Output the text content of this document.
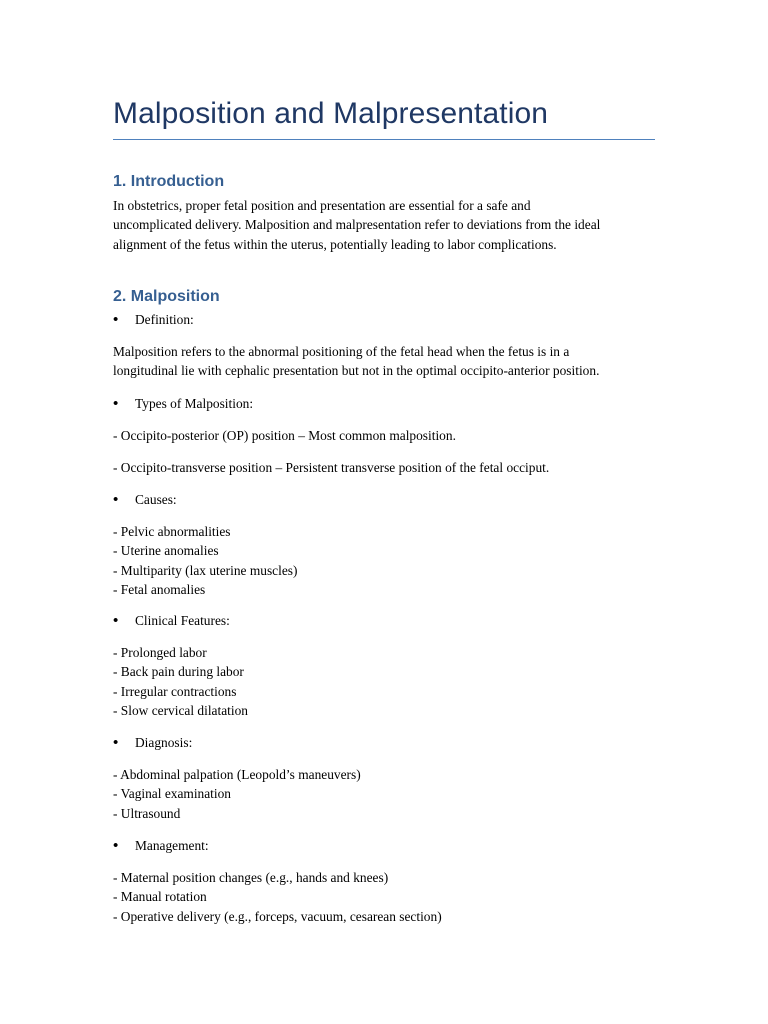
Malposition and Malpresentation
1. Introduction
In obstetrics, proper fetal position and presentation are essential for a safe and
uncomplicated delivery. Malposition and malpresentation refer to deviations from the ideal
alignment of the fetus within the uterus, potentially leading to labor complications.
2. Malposition
• Definition:
Malposition refers to the abnormal positioning of the fetal head when the fetus is in a
longitudinal lie with cephalic presentation but not in the optimal occipito-anterior position.
• Types of Malposition:
- Occipito-posterior (OP) position – Most common malposition.
- Occipito-transverse position – Persistent transverse position of the fetal occiput.
• Causes:
- Pelvic abnormalities
- Uterine anomalies
- Multiparity (lax uterine muscles)
- Fetal anomalies
• Clinical Features:
- Prolonged labor
- Back pain during labor
- Irregular contractions
- Slow cervical dilatation
• Diagnosis:
- Abdominal palpation (Leopold’s maneuvers)
- Vaginal examination
- Ultrasound
• Management:
- Maternal position changes (e.g., hands and knees)
- Manual rotation
- Operative delivery (e.g., forceps, vacuum, cesarean section)
